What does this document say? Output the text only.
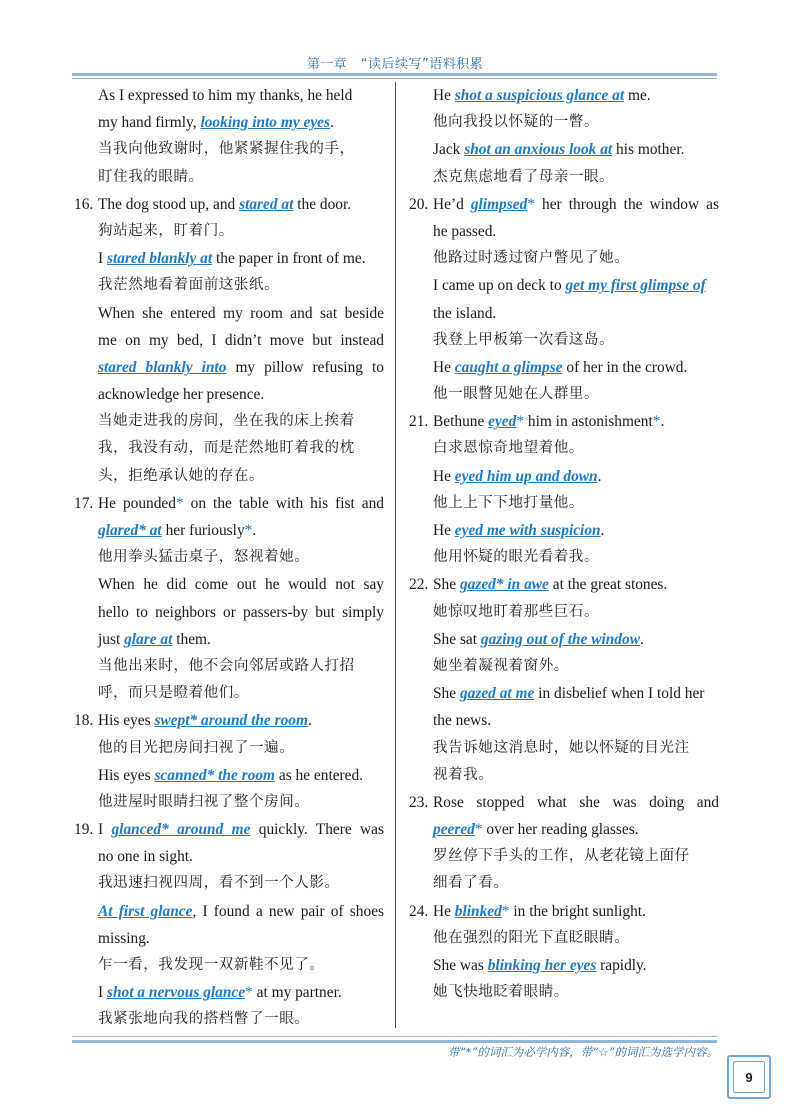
第一章　“读后续写”语料积累
As I expressed to him my thanks, he held
my hand firmly, looking into my eyes.
当我向他致谢时，他紧紧握住我的手，
盯住我的眼睛。
16. The dog stood up, and stared at the door.
狗站起来，盯着门。
I stared blankly at the paper in front of me.
我茫然地看着面前这张纸。
When she entered my room and sat beside
me on my bed, I didn’t move but instead
stared blankly into my pillow refusing to
acknowledge her presence.
当她走进我的房间，坐在我的床上挨着
我，我没有动，而是茫然地盯着我的枕
头，拒绝承认她的存在。
17. He pounded* on the table with his fist and
glared* at her furiously*.
他用拳头猛击桌子，怒视着她。
When he did come out he would not say
hello to neighbors or passers-by but simply
just glare at them.
当他出来时，他不会向邻居或路人打招
呼，而只是瞪着他们。
18. His eyes swept* around the room.
他的目光把房间扫视了一遍。
His eyes scanned* the room as he entered.
他进屋时眼睛扫视了整个房间。
19. I glanced* around me quickly. There was
no one in sight.
我迅速扫视四周，看不到一个人影。
At first glance, I found a new pair of shoes
missing.
乍一看，我发现一双新鞋不见了。
I shot a nervous glance* at my partner.
我紧张地向我的搭档瞥了一眼。
He shot a suspicious glance at me.
他向我投以怀疑的一瞥。
Jack shot an anxious look at his mother.
杰克焦虑地看了母亲一眼。
20. He’d glimpsed* her through the window as
he passed.
他路过时透过窗户瞥见了她。
I came up on deck to get my first glimpse of
the island.
我登上甲板第一次看这岛。
He caught a glimpse of her in the crowd.
他一眼瞥见她在人群里。
21. Bethune eyed* him in astonishment*.
白求恩惊奇地望着他。
He eyed him up and down.
他上上下下地打量他。
He eyed me with suspicion.
他用怀疑的眼光看着我。
22. She gazed* in awe at the great stones.
她惊叹地盯着那些巨石。
She sat gazing out of the window.
她坐着凝视着窗外。
She gazed at me in disbelief when I told her
the news.
我告诉她这消息时，她以怀疑的目光注
视着我。
23. Rose stopped what she was doing and
peered* over her reading glasses.
罗丝停下手头的工作，从老花镜上面仔
细看了看。
24. He blinked* in the bright sunlight.
他在强烈的阳光下直眨眼睛。
She was blinking her eyes rapidly.
她飞快地眨着眼睛。
带“*”的词汇为必学内容，带“☆”的词汇为选学内容。
9
